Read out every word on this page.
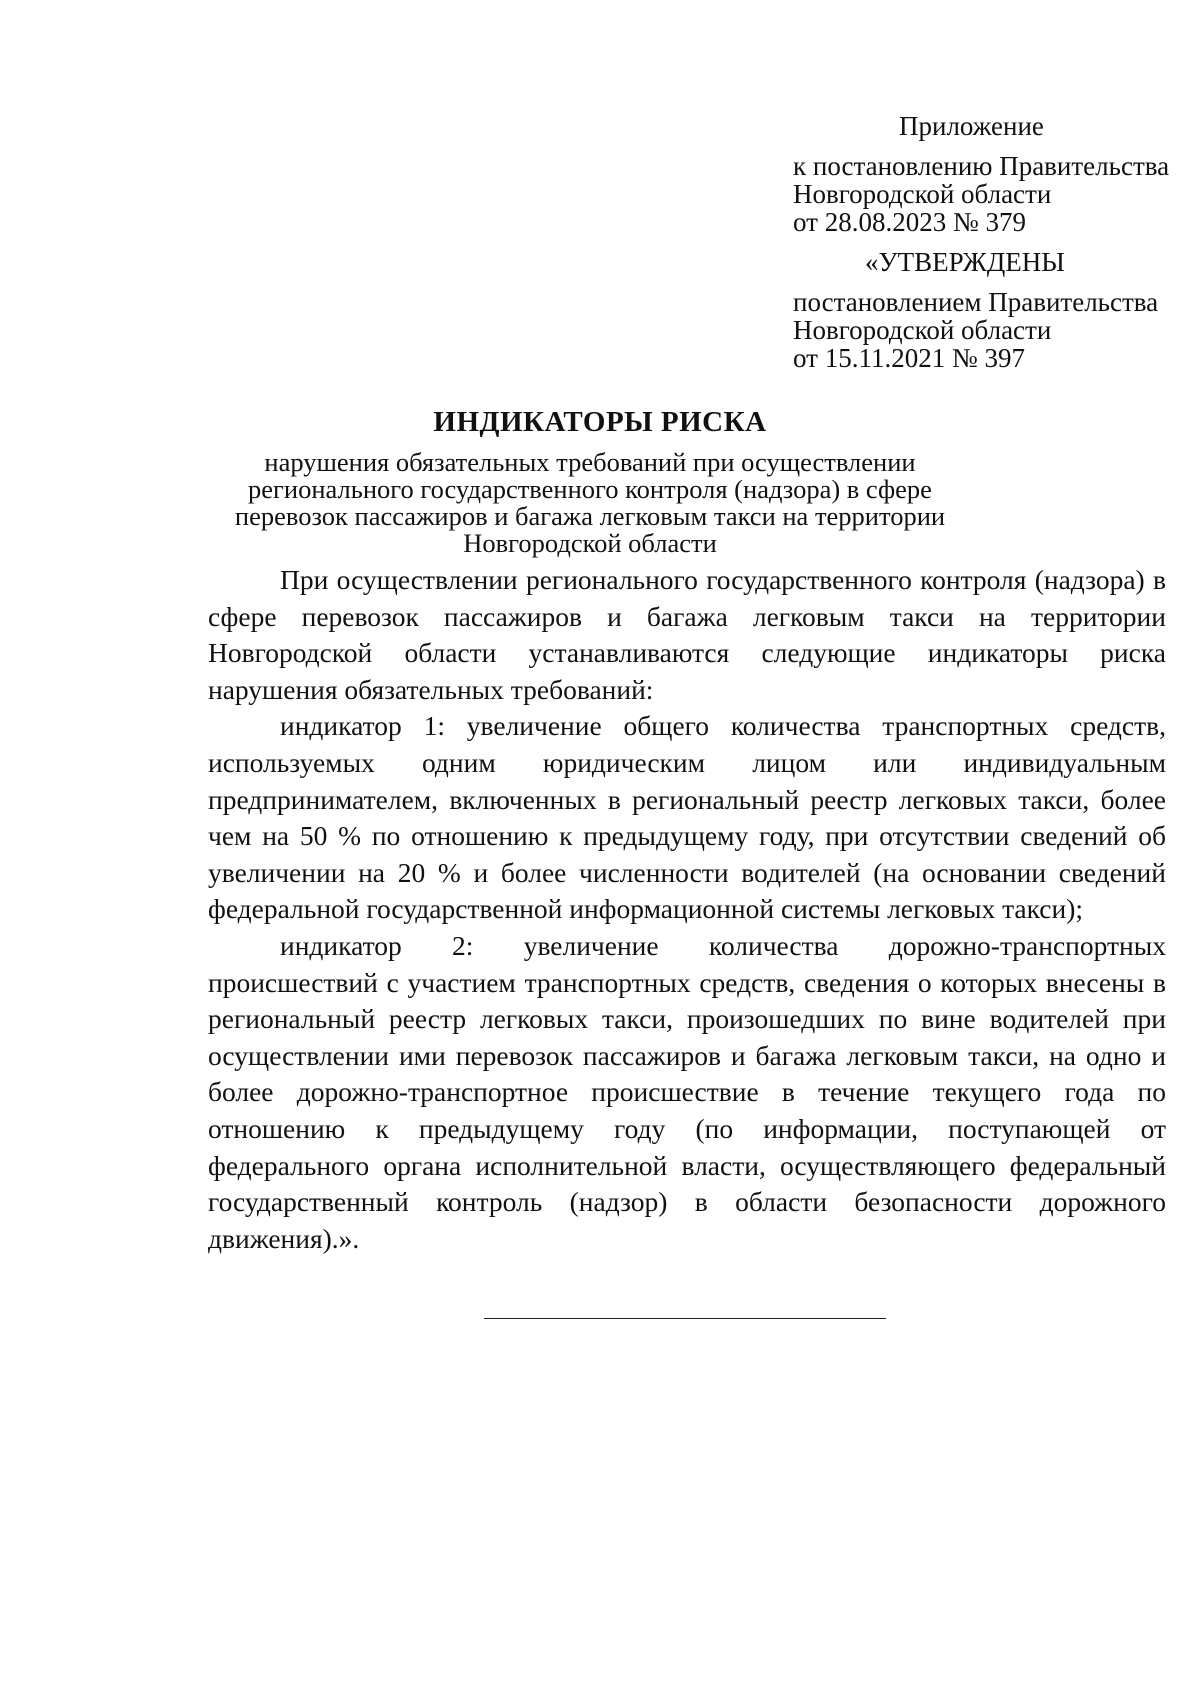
Приложение

к постановлению Правительства

Новгородской области

от 28.08.2023 № 379

«УТВЕРЖДЕНЫ

постановлением Правительства

Новгородской области

от 15.11.2021 № 397

ИНДИКАТОРЫ РИСКА

нарушения обязательных требований при осуществлении регионального государственного контроля (надзора) в сфере перевозок пассажиров и багажа легковым такси на территории Новгородской области

При осуществлении регионального государственного контроля (надзора) в сфере перевозок пассажиров и багажа легковым такси на территории Новгородской области устанавливаются следующие индикаторы риска нарушения обязательных требований:

индикатор 1: увеличение общего количества транспортных средств, используемых одним юридическим лицом или индивидуальным предпринимателем, включенных в региональный реестр легковых такси, более чем на 50 % по отношению к предыдущему году, при отсутствии сведений об увеличении на 20 % и более численности водителей (на основании сведений федеральной государственной информационной системы легковых такси);

индикатор 2: увеличение количества дорожно-транспортных происшествий с участием транспортных средств, сведения о которых внесены в региональный реестр легковых такси, произошедших по вине водителей при осуществлении ими перевозок пассажиров и багажа легковым такси, на одно и более дорожно-транспортное происшествие в течение текущего года по отношению к предыдущему году (по информации, поступающей от федерального органа исполнительной власти, осуществляющего федеральный государственный контроль (надзор) в области безопасности дорожного движения).».
